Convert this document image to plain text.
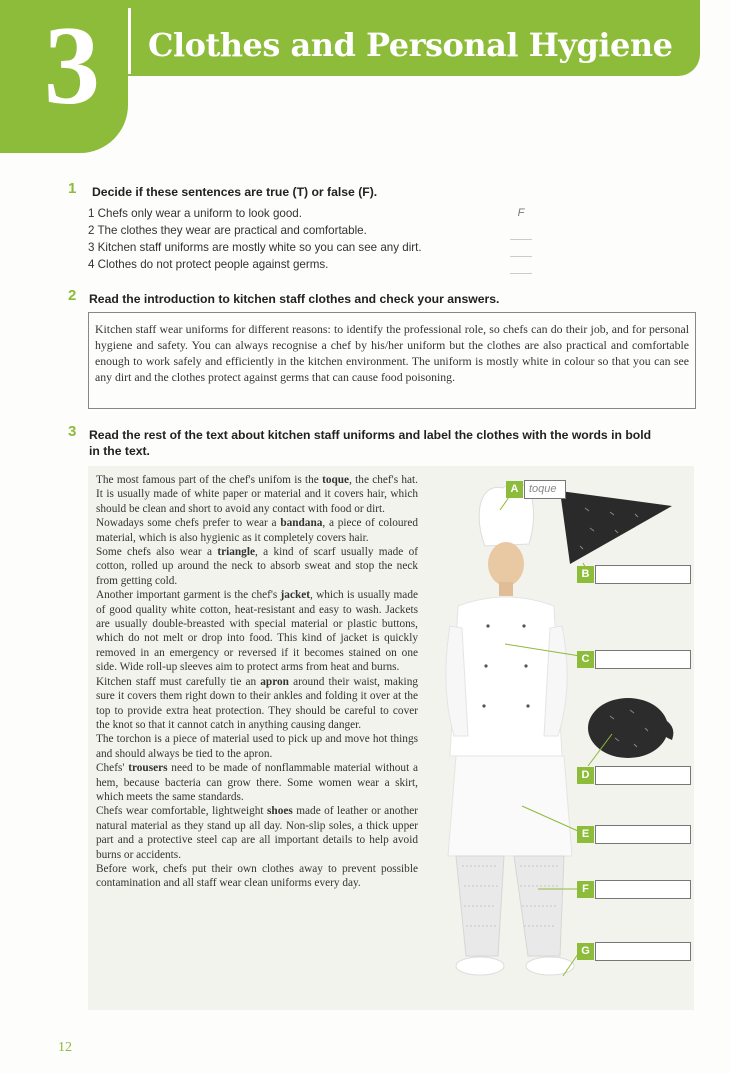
3 Clothes and Personal Hygiene
1 Decide if these sentences are true (T) or false (F).
1 Chefs only wear a uniform to look good.
2 The clothes they wear are practical and comfortable.
3 Kitchen staff uniforms are mostly white so you can see any dirt.
4 Clothes do not protect people against germs.
F
2 Read the introduction to kitchen staff clothes and check your answers.
Kitchen staff wear uniforms for different reasons: to identify the professional role, so chefs can do their job, and for personal hygiene and safety. You can always recognise a chef by his/her uniform but the clothes are also practical and comfortable enough to work safely and efficiently in the kitchen environment. The uniform is mostly white in colour so that you can see any dirt and the clothes protect against germs that can cause food poisoning.
3 Read the rest of the text about kitchen staff uniforms and label the clothes with the words in bold
in the text.

The most famous part of the chef's unifom is the toque, the chef's hat. It is usually made of white paper or material and it covers hair, which should be clean and short to avoid any contact with food or dirt.

Nowadays some chefs prefer to wear a bandana, a piece of coloured material, which is also hygienic as it completely covers hair.

Some chefs also wear a triangle, a kind of scarf usually made of cotton, rolled up around the neck to absorb sweat and stop the neck from getting cold.

Another important garment is the chef's jacket, which is usually made of good quality white cotton, heat-resistant and easy to wash. Jackets are usually double-breasted with special material or plastic buttons, which do not melt or drop into food. This kind of jacket is quickly removed in an emergency or reversed if it becomes stained on one side. Wide roll-up sleeves aim to protect arms from heat and burns.

Kitchen staff must carefully tie an apron around their waist, making sure it covers them right down to their ankles and folding it over at the top to provide extra heat protection. They should be careful to cover the knot so that it cannot catch in anything causing danger.

The torchon is a piece of material used to pick up and move hot things and should always be tied to the apron.

Chefs' trousers need to be made of nonflammable material without a hem, because bacteria can grow there. Some women wear a skirt, which meets the same standards.

Chefs wear comfortable, lightweight shoes made of leather or another natural material as they stand up all day. Non-slip soles, a thick upper part and a protective steel cap are all important details to help avoid burns or accidents.

Before work, chefs put their own clothes away to prevent possible contamination and all staff wear clean uniforms every day.

A toque
B
C
D
E
F
G
12
